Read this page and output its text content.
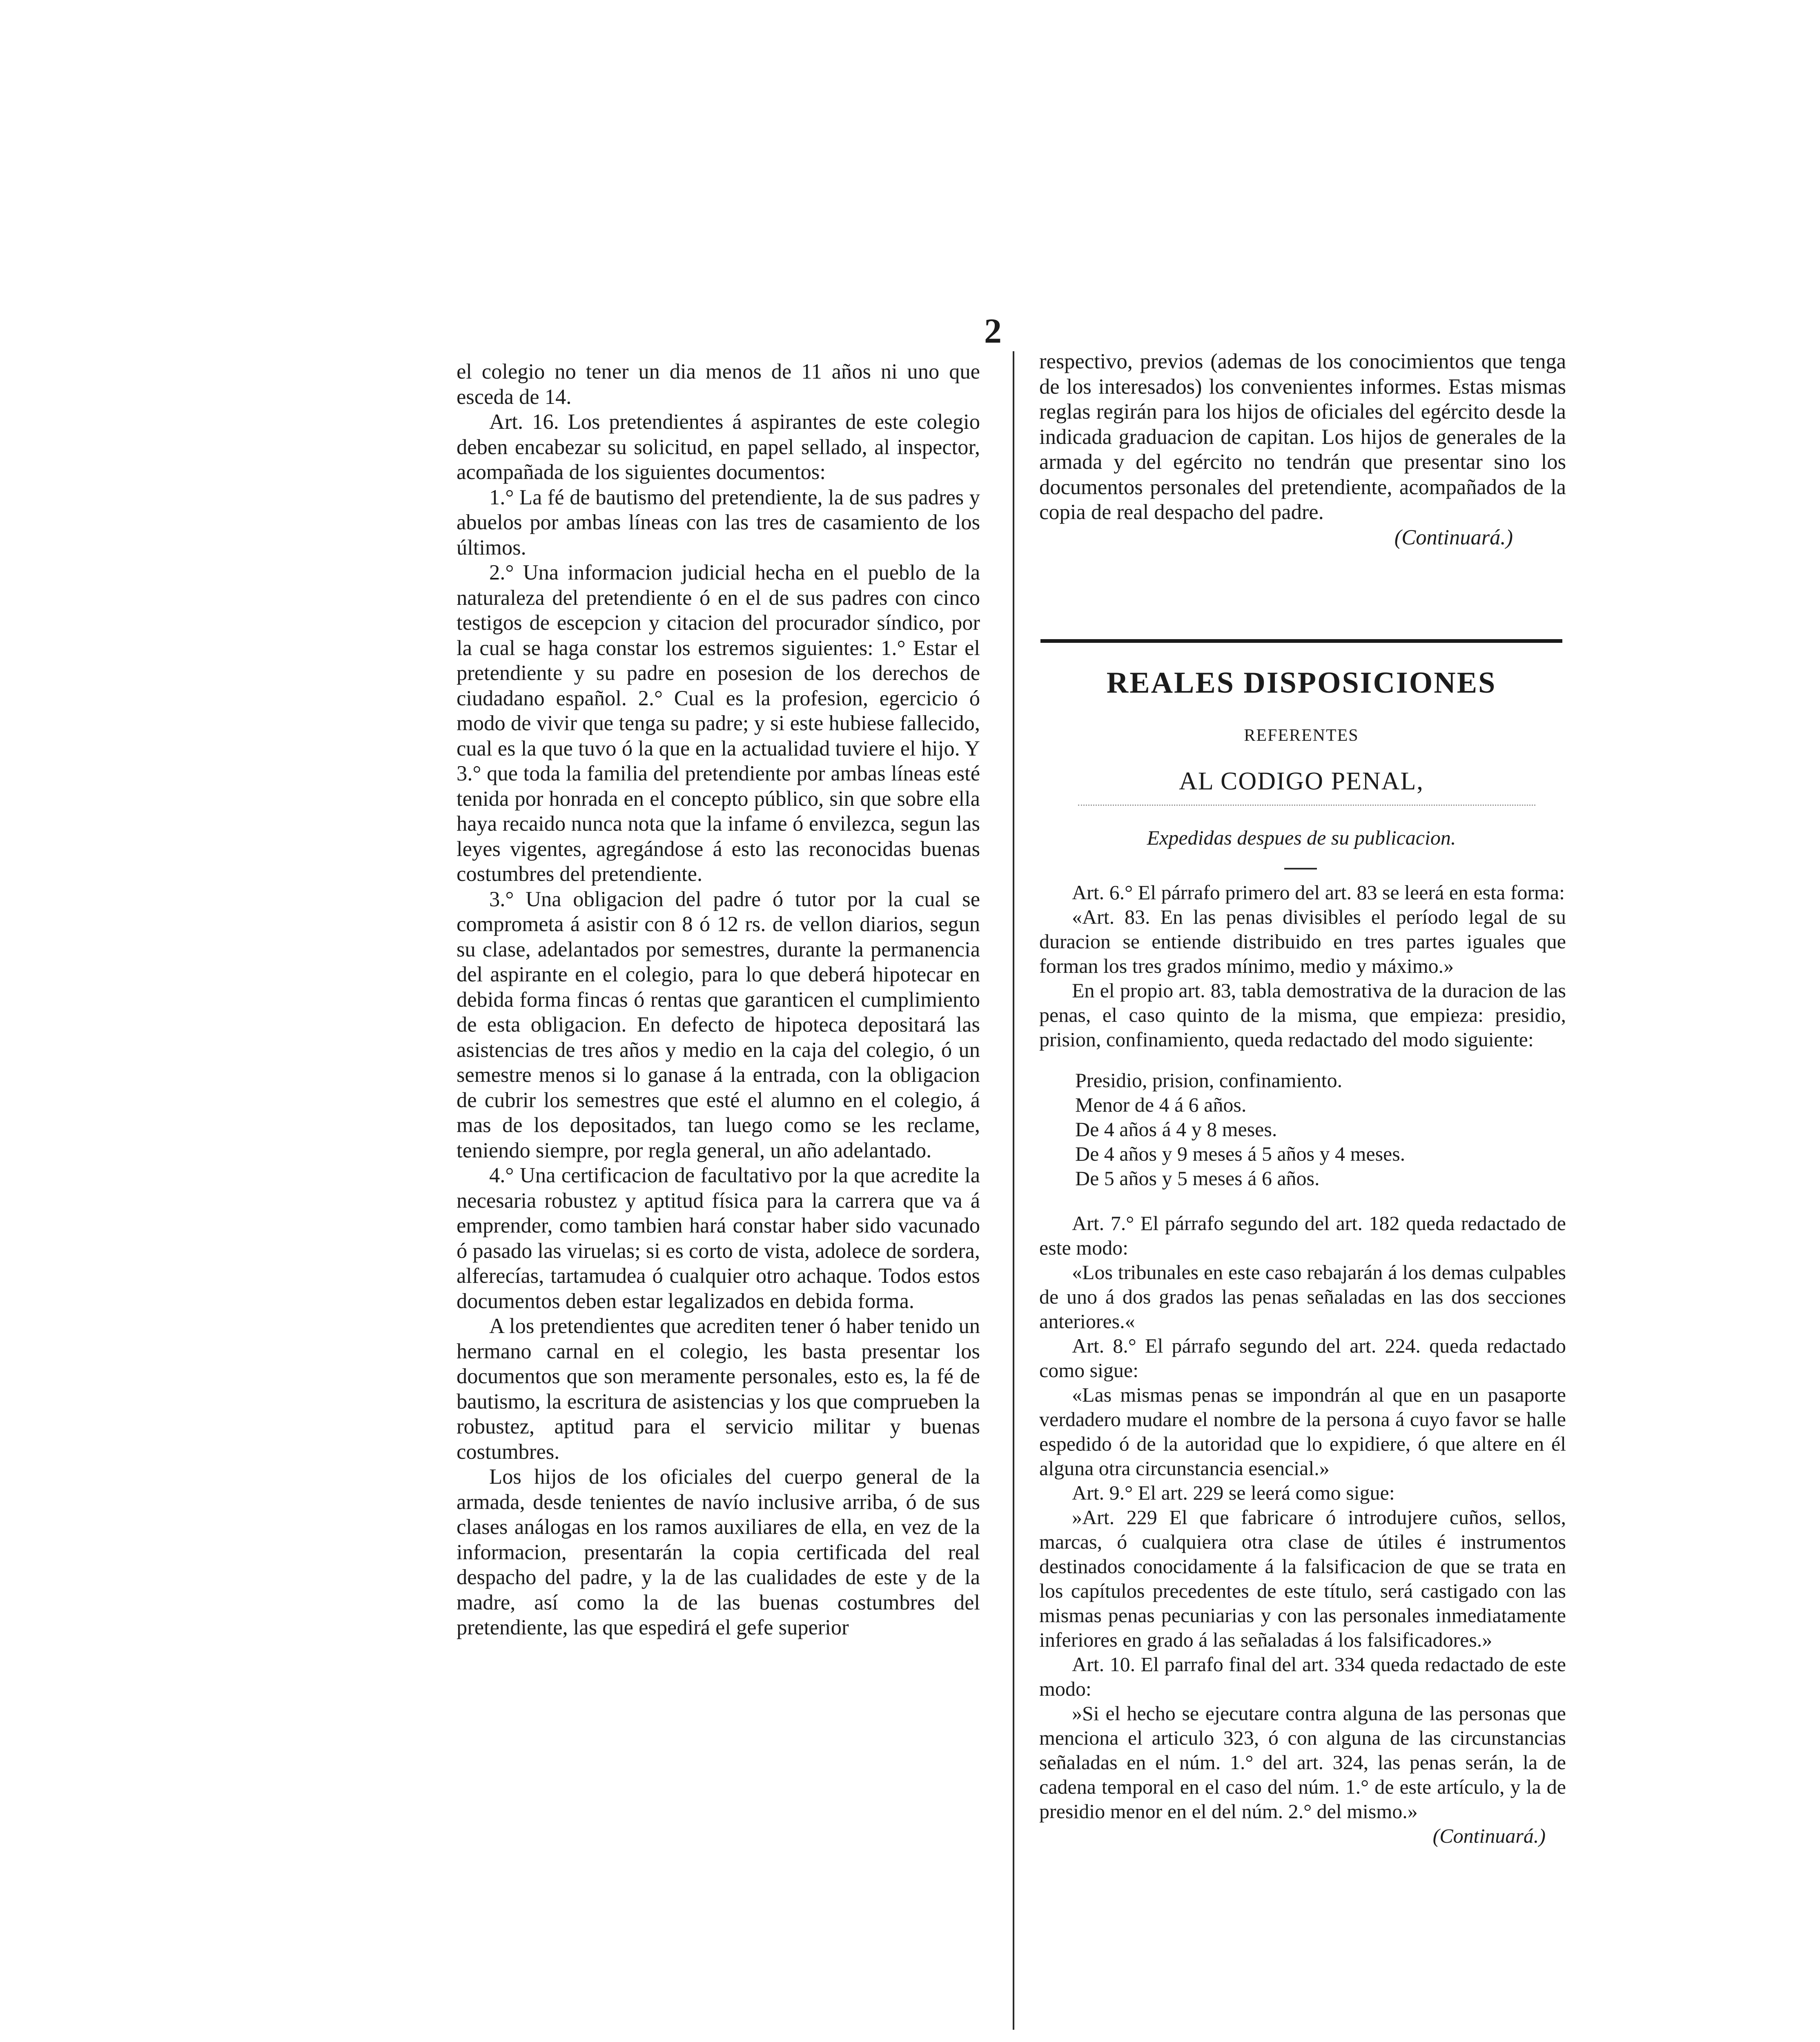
2

el colegio no tener un dia menos de 11 años ni uno que esceda de 14.

Art. 16. Los pretendientes á aspirantes de este colegio deben encabezar su solicitud, en papel sellado, al inspector, acompañada de los siguientes documentos:

1.° La fé de bautismo del pretendiente, la de sus padres y abuelos por ambas líneas con las tres de casamiento de los últimos.

2.° Una informacion judicial hecha en el pueblo de la naturaleza del pretendiente ó en el de sus padres con cinco testigos de escepcion y citacion del procurador síndico, por la cual se haga constar los estremos siguientes: 1.° Estar el pretendiente y su padre en posesion de los derechos de ciudadano español. 2.° Cual es la profesion, egercicio ó modo de vivir que tenga su padre; y si este hubiese fallecido, cual es la que tuvo ó la que en la actualidad tuviere el hijo. Y 3.° que toda la familia del pretendiente por ambas líneas esté tenida por honrada en el concepto público, sin que sobre ella haya recaido nunca nota que la infame ó envilezca, segun las leyes vigentes, agregándose á esto las reconocidas buenas costumbres del pretendiente.

3.° Una obligacion del padre ó tutor por la cual se comprometa á asistir con 8 ó 12 rs. de vellon diarios, segun su clase, adelantados por semestres, durante la permanencia del aspirante en el colegio, para lo que deberá hipotecar en debida forma fincas ó rentas que garanticen el cumplimiento de esta obligacion. En defecto de hipoteca depositará las asistencias de tres años y medio en la caja del colegio, ó un semestre menos si lo ganase á la entrada, con la obligacion de cubrir los semestres que esté el alumno en el colegio, á mas de los depositados, tan luego como se les reclame, teniendo siempre, por regla general, un año adelantado.

4.° Una certificacion de facultativo por la que acredite la necesaria robustez y aptitud física para la carrera que va á emprender, como tambien hará constar haber sido vacunado ó pasado las viruelas; si es corto de vista, adolece de sordera, alferecías, tartamudea ó cualquier otro achaque. Todos estos documentos deben estar legalizados en debida forma.

A los pretendientes que acrediten tener ó haber tenido un hermano carnal en el colegio, les basta presentar los documentos que son meramente personales, esto es, la fé de bautismo, la escritura de asistencias y los que comprueben la robustez, aptitud para el servicio militar y buenas costumbres.

Los hijos de los oficiales del cuerpo general de la armada, desde tenientes de navío inclusive arriba, ó de sus clases análogas en los ramos auxiliares de ella, en vez de la informacion, presentarán la copia certificada del real despacho del padre, y la de las cualidades de este y de la madre, así como la de las buenas costumbres del pretendiente, las que espedirá el gefe superior

respectivo, previos (ademas de los conocimientos que tenga de los interesados) los convenientes informes. Estas mismas reglas regirán para los hijos de oficiales del egército desde la indicada graduacion de capitan. Los hijos de generales de la armada y del egército no tendrán que presentar sino los documentos personales del pretendiente, acompañados de la copia de real despacho del padre.

(Continuará.)

REALES DISPOSICIONES
REFERENTES
AL CODIGO PENAL,
Expedidas despues de su publicacion.

Art. 6.° El párrafo primero del art. 83 se leerá en esta forma:

«Art. 83. En las penas divisibles el período legal de su duracion se entiende distribuido en tres partes iguales que forman los tres grados mínimo, medio y máximo.»

En el propio art. 83, tabla demostrativa de la duracion de las penas, el caso quinto de la misma, que empieza: presidio, prision, confinamiento, queda redactado del modo siguiente:

Presidio, prision, confinamiento.
Menor de 4 á 6 años.
De 4 años á 4 y 8 meses.
De 4 años y 9 meses á 5 años y 4 meses.
De 5 años y 5 meses á 6 años.

Art. 7.° El párrafo segundo del art. 182 queda redactado de este modo:

«Los tribunales en este caso rebajarán á los demas culpables de uno á dos grados las penas señaladas en las dos secciones anteriores.«

Art. 8.° El párrafo segundo del art. 224. queda redactado como sigue:

«Las mismas penas se impondrán al que en un pasaporte verdadero mudare el nombre de la persona á cuyo favor se halle espedido ó de la autoridad que lo expidiere, ó que altere en él alguna otra circunstancia esencial.»

Art. 9.° El art. 229 se leerá como sigue:

»Art. 229 El que fabricare ó introdujere cuños, sellos, marcas, ó cualquiera otra clase de útiles é instrumentos destinados conocidamente á la falsificacion de que se trata en los capítulos precedentes de este título, será castigado con las mismas penas pecuniarias y con las personales inmediatamente inferiores en grado á las señaladas á los falsificadores.»

Art. 10. El parrafo final del art. 334 queda redactado de este modo:

»Si el hecho se ejecutare contra alguna de las personas que menciona el articulo 323, ó con alguna de las circunstancias señaladas en el núm. 1.° del art. 324, las penas serán, la de cadena temporal en el caso del núm. 1.° de este artículo, y la de presidio menor en el del núm. 2.° del mismo.»

(Continuará.)
